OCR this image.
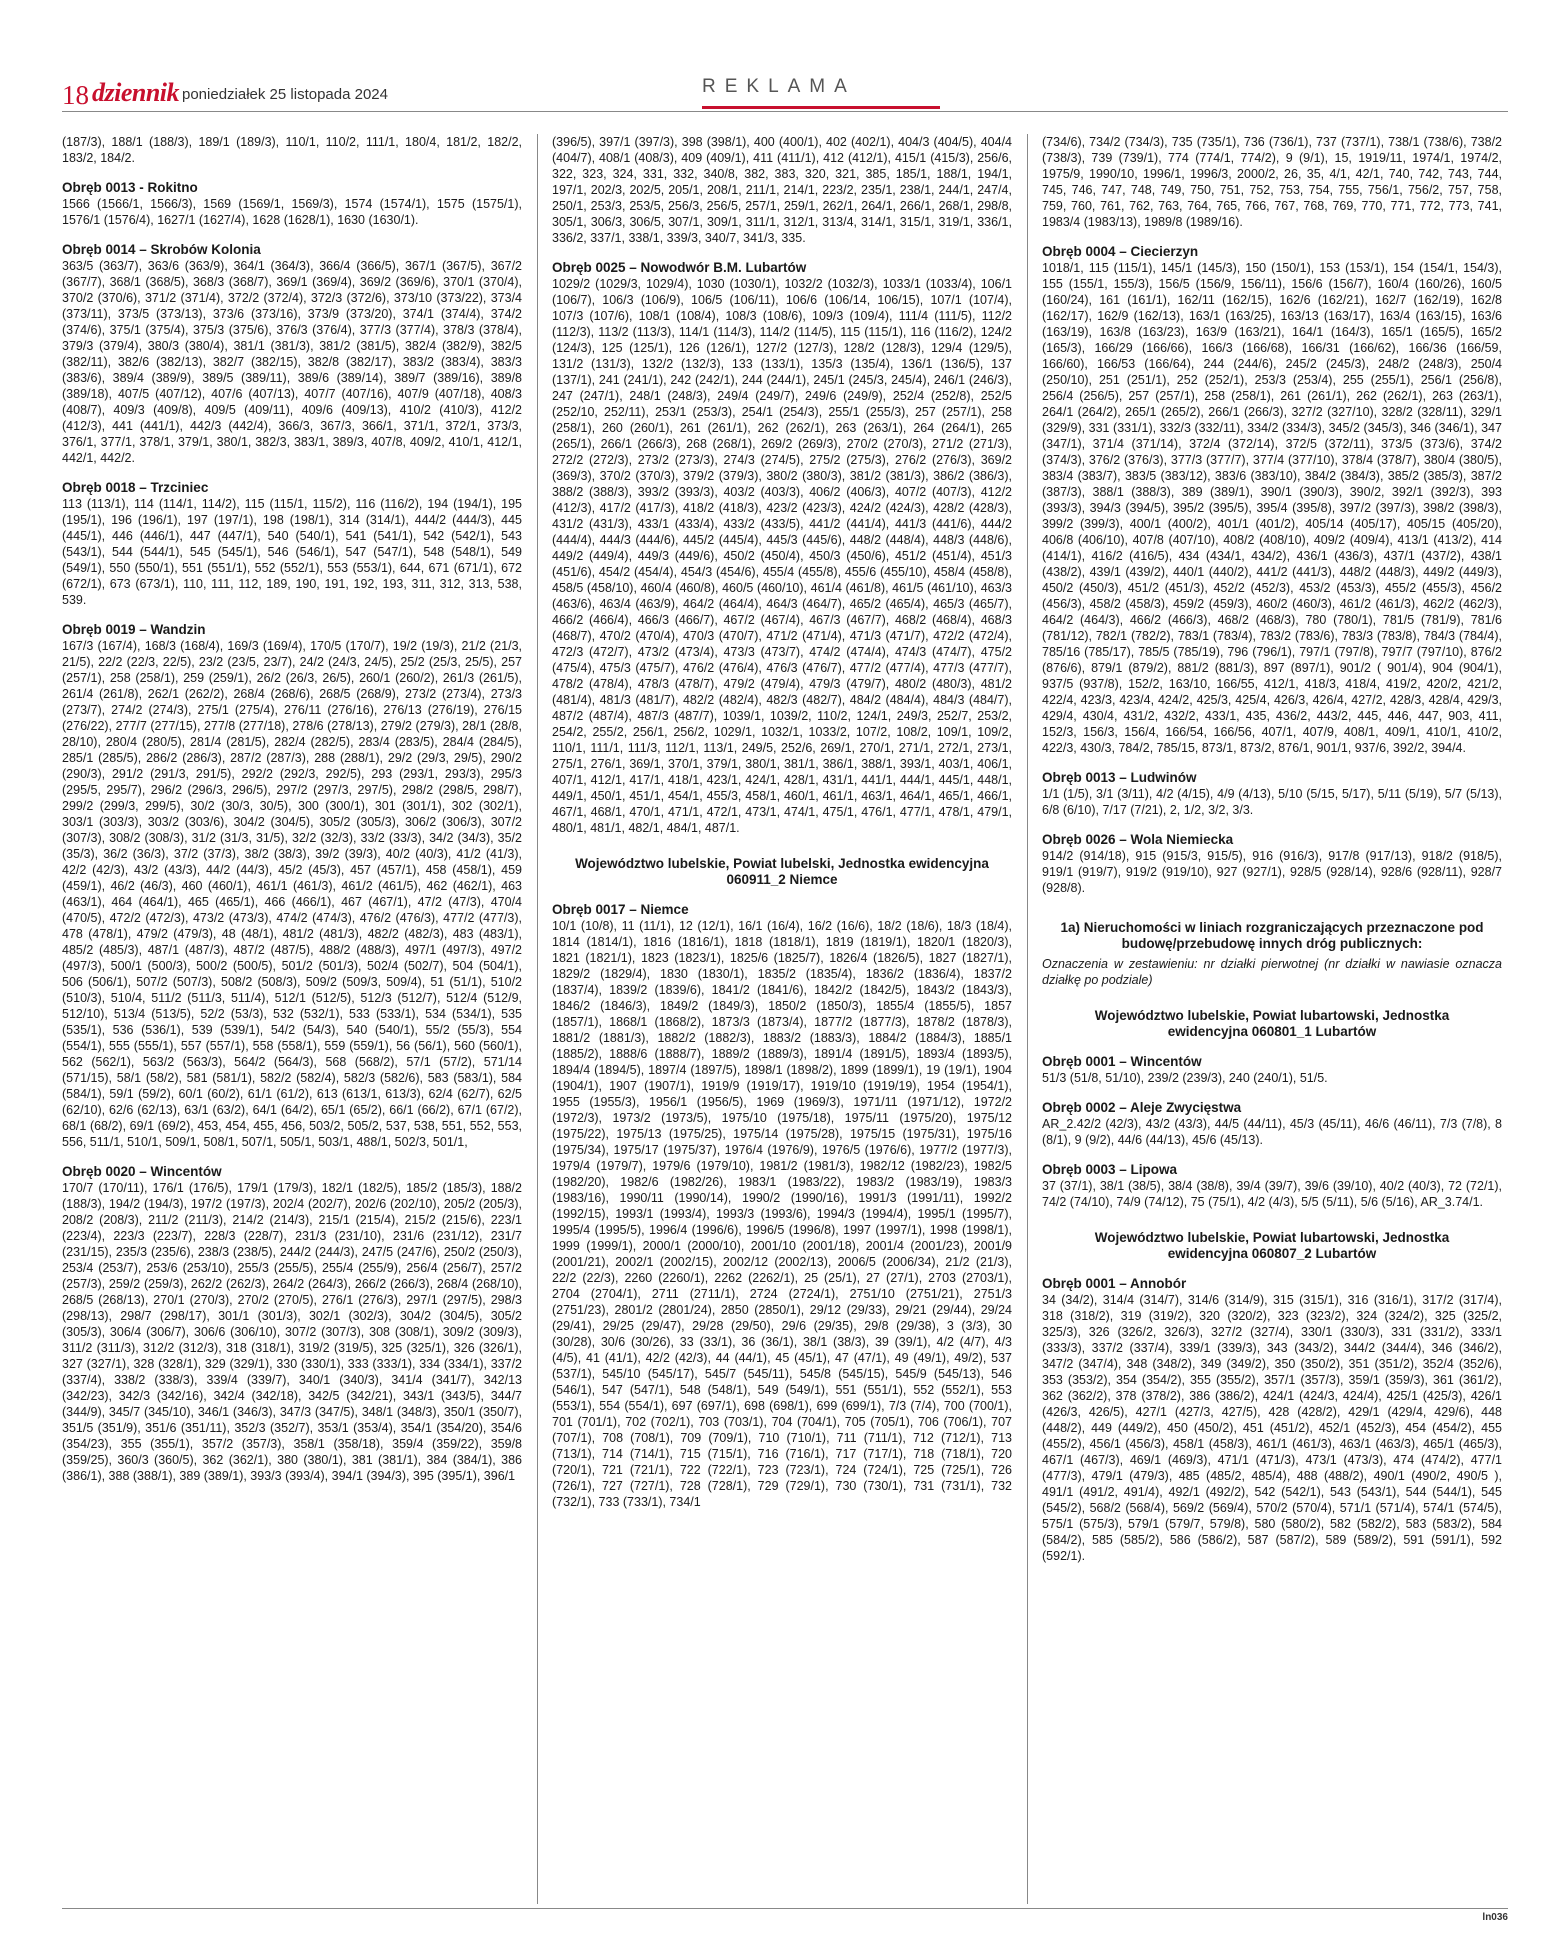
18 dziennik poniedziałek 25 listopada 2024	REKLAMA
(187/3), 188/1 (188/3), 189/1 (189/3), 110/1, 110/2, 111/1, 180/4, 181/2, 182/2, 183/2, 184/2.
Obręb 0013 - Rokitno
1566 (1566/1, 1566/3), 1569 (1569/1, 1569/3), 1574 (1574/1), 1575 (1575/1), 1576/1 (1576/4), 1627/1 (1627/4), 1628 (1628/1), 1630 (1630/1).
Obręb 0014 – Skrobów Kolonia
363/5 (363/7), 363/6 (363/9), 364/1 (364/3), 366/4 (366/5), 367/1 (367/5), 367/2 (367/7), 368/1 (368/5), 368/3 (368/7), 369/1 (369/4), 369/2 (369/6), 370/1 (370/4), 370/2 (370/6), 371/2 (371/4), 372/2 (372/4), 372/3 (372/6), 373/10 (373/22), 373/4 (373/11), 373/5 (373/13), 373/6 (373/16), 373/9 (373/20), 374/1 (374/4), 374/2 (374/6), 375/1 (375/4), 375/3 (375/6), 376/3 (376/4), 377/3 (377/4), 378/3 (378/4), 379/3 (379/4), 380/3 (380/4), 381/1 (381/3), 381/2 (381/5), 382/4 (382/9), 382/5 (382/11), 382/6 (382/13), 382/7 (382/15), 382/8 (382/17), 383/2 (383/4), 383/3 (383/6), 389/4 (389/9), 389/5 (389/11), 389/6 (389/14), 389/7 (389/16), 389/8 (389/18), 407/5 (407/12), 407/6 (407/13), 407/7 (407/16), 407/9 (407/18), 408/3 (408/7), 409/3 (409/8), 409/5 (409/11), 409/6 (409/13), 410/2 (410/3), 412/2 (412/3), 441 (441/1), 442/3 (442/4), 366/3, 367/3, 366/1, 371/1, 372/1, 373/3, 376/1, 377/1, 378/1, 379/1, 380/1, 382/3, 383/1, 389/3, 407/8, 409/2, 410/1, 412/1, 442/1, 442/2.
Obręb 0018 – Trzciniec
113 (113/1), 114 (114/1, 114/2), 115 (115/1, 115/2), 116 (116/2), 194 (194/1), 195 (195/1), 196 (196/1), 197 (197/1), 198 (198/1), 314 (314/1), 444/2 (444/3), 445 (445/1), 446 (446/1), 447 (447/1), 540 (540/1), 541 (541/1), 542 (542/1), 543 (543/1), 544 (544/1), 545 (545/1), 546 (546/1), 547 (547/1), 548 (548/1), 549 (549/1), 550 (550/1), 551 (551/1), 552 (552/1), 553 (553/1), 644, 671 (671/1), 672 (672/1), 673 (673/1), 110, 111, 112, 189, 190, 191, 192, 193, 311, 312, 313, 538, 539.
Obręb 0019 – Wandzin
167/3 (167/4), 168/3 (168/4), 169/3 (169/4), 170/5 (170/7), 19/2 (19/3), 21/2 (21/3, 21/5), 22/2 (22/3, 22/5), 23/2 (23/5, 23/7), 24/2 (24/3, 24/5), 25/2 (25/3, 25/5), 257 (257/1), 258 (258/1), 259 (259/1), 26/2 (26/3, 26/5), 260/1 (260/2), 261/3 (261/5), 261/4 (261/8), 262/1 (262/2), 268/4 (268/6), 268/5 (268/9), 273/2 (273/4), 273/3 (273/7), 274/2 (274/3), 275/1 (275/4), 276/11 (276/16), 276/13 (276/19), 276/15 (276/22), 277/7 (277/15), 277/8 (277/18), 278/6 (278/13), 279/2 (279/3), 28/1 (28/8, 28/10), 280/4 (280/5), 281/4 (281/5), 282/4 (282/5), 283/4 (283/5), 284/4 (284/5), 285/1 (285/5), 286/2 (286/3), 287/2 (287/3), 288 (288/1), 29/2 (29/3, 29/5), 290/2 (290/3), 291/2 (291/3, 291/5), 292/2 (292/3, 292/5), 293 (293/1, 293/3), 295/3 (295/5, 295/7), 296/2 (296/3, 296/5), 297/2 (297/3, 297/5), 298/2 (298/5, 298/7), 299/2 (299/3, 299/5), 30/2 (30/3, 30/5), 300 (300/1), 301 (301/1), 302 (302/1), 303/1 (303/3), 303/2 (303/6), 304/2 (304/5), 305/2 (305/3), 306/2 (306/3), 307/2 (307/3), 308/2 (308/3), 31/2 (31/3, 31/5), 32/2 (32/3), 33/2 (33/3), 34/2 (34/3), 35/2 (35/3), 36/2 (36/3), 37/2 (37/3), 38/2 (38/3), 39/2 (39/3), 40/2 (40/3), 41/2 (41/3), 42/2 (42/3), 43/2 (43/3), 44/2 (44/3), 45/2 (45/3), 457 (457/1), 458 (458/1), 459 (459/1), 46/2 (46/3), 460 (460/1), 461/1 (461/3), 461/2 (461/5), 462 (462/1), 463 (463/1), 464 (464/1), 465 (465/1), 466 (466/1), 467 (467/1), 47/2 (47/3), 470/4 (470/5), 472/2 (472/3), 473/2 (473/3), 474/2 (474/3), 476/2 (476/3), 477/2 (477/3), 478 (478/1), 479/2 (479/3), 48 (48/1), 481/2 (481/3), 482/2 (482/3), 483 (483/1), 485/2 (485/3), 487/1 (487/3), 487/2 (487/5), 488/2 (488/3), 497/1 (497/3), 497/2 (497/3), 500/1 (500/3), 500/2 (500/5), 501/2 (501/3), 502/4 (502/7), 504 (504/1), 506 (506/1), 507/2 (507/3), 508/2 (508/3), 509/2 (509/3, 509/4), 51 (51/1), 510/2 (510/3), 510/4, 511/2 (511/3, 511/4), 512/1 (512/5), 512/3 (512/7), 512/4 (512/9, 512/10), 513/4 (513/5), 52/2 (53/3), 532 (532/1), 533 (533/1), 534 (534/1), 535 (535/1), 536 (536/1), 539 (539/1), 54/2 (54/3), 540 (540/1), 55/2 (55/3), 554 (554/1), 555 (555/1), 557 (557/1), 558 (558/1), 559 (559/1), 56 (56/1), 560 (560/1), 562 (562/1), 563/2 (563/3), 564/2 (564/3), 568 (568/2), 57/1 (57/2), 571/14 (571/15), 58/1 (58/2), 581 (581/1), 582/2 (582/4), 582/3 (582/6), 583 (583/1), 584 (584/1), 59/1 (59/2), 60/1 (60/2), 61/1 (61/2), 613 (613/1, 613/3), 62/4 (62/7), 62/5 (62/10), 62/6 (62/13), 63/1 (63/2), 64/1 (64/2), 65/1 (65/2), 66/1 (66/2), 67/1 (67/2), 68/1 (68/2), 69/1 (69/2), 453, 454, 455, 456, 503/2, 505/2, 537, 538, 551, 552, 553, 556, 511/1, 510/1, 509/1, 508/1, 507/1, 505/1, 503/1, 488/1, 502/3, 501/1,
Obręb 0020 – Wincentów
170/7 (170/11), 176/1 (176/5), 179/1 (179/3), 182/1 (182/5), 185/2 (185/3), 188/2 (188/3), 194/2 (194/3), 197/2 (197/3), 202/4 (202/7), 202/6 (202/10), 205/2 (205/3), 208/2 (208/3), 211/2 (211/3), 214/2 (214/3), 215/1 (215/4), 215/2 (215/6), 223/1 (223/4), 223/3 (223/7), 228/3 (228/7), 231/3 (231/10), 231/6 (231/12), 231/7 (231/15), 235/3 (235/6), 238/3 (238/5), 244/2 (244/3), 247/5 (247/6), 250/2 (250/3), 253/4 (253/7), 253/6 (253/10), 255/3 (255/5), 255/4 (255/9), 256/4 (256/7), 257/2 (257/3), 259/2 (259/3), 262/2 (262/3), 264/2 (264/3), 266/2 (266/3), 268/4 (268/10), 268/5 (268/13), 270/1 (270/3), 270/2 (270/5), 276/1 (276/3), 297/1 (297/5), 298/3 (298/13), 298/7 (298/17), 301/1 (301/3), 302/1 (302/3), 304/2 (304/5), 305/2 (305/3), 306/4 (306/7), 306/6 (306/10), 307/2 (307/3), 308 (308/1), 309/2 (309/3), 311/2 (311/3), 312/2 (312/3), 318 (318/1), 319/2 (319/5), 325 (325/1), 326 (326/1), 327 (327/1), 328 (328/1), 329 (329/1), 330 (330/1), 333 (333/1), 334 (334/1), 337/2 (337/4), 338/2 (338/3), 339/4 (339/7), 340/1 (340/3), 341/4 (341/7), 342/13 (342/23), 342/3 (342/16), 342/4 (342/18), 342/5 (342/21), 343/1 (343/5), 344/7 (344/9), 345/7 (345/10), 346/1 (346/3), 347/3 (347/5), 348/1 (348/3), 350/1 (350/7), 351/5 (351/9), 351/6 (351/11), 352/3 (352/7), 353/1 (353/4), 354/1 (354/20), 354/6 (354/23), 355 (355/1), 357/2 (357/3), 358/1 (358/18), 359/4 (359/22), 359/8 (359/25), 360/3 (360/5), 362 (362/1), 380 (380/1), 381 (381/1), 384 (384/1), 386 (386/1), 388 (388/1), 389 (389/1), 393/3 (393/4), 394/1 (394/3), 395 (395/1), 396/1
(396/5), 397/1 (397/3), 398 (398/1), 400 (400/1), 402 (402/1), 404/3 (404/5), 404/4 (404/7), 408/1 (408/3), 409 (409/1), 411 (411/1), 412 (412/1), 415/1 (415/3), 256/6, 322, 323, 324, 331, 332, 340/8, 382, 383, 320, 321, 385, 185/1, 188/1, 194/1, 197/1, 202/3, 202/5, 205/1, 208/1, 211/1, 214/1, 223/2, 235/1, 238/1, 244/1, 247/4, 250/1, 253/3, 253/5, 256/3, 256/5, 257/1, 259/1, 262/1, 264/1, 266/1, 268/1, 298/8, 305/1, 306/3, 306/5, 307/1, 309/1, 311/1, 312/1, 313/4, 314/1, 315/1, 319/1, 336/1, 336/2, 337/1, 338/1, 339/3, 340/7, 341/3, 335.
Obręb 0025 – Nowodwór B.M. Lubartów
1029/2 (1029/3, 1029/4), 1030 (1030/1), 1032/2 (1032/3), 1033/1 (1033/4), 106/1 (106/7), 106/3 (106/9), 106/5 (106/11), 106/6 (106/14, 106/15), 107/1 (107/4), 107/3 (107/6), 108/1 (108/4), 108/3 (108/6), 109/3 (109/4), 111/4 (111/5), 112/2 (112/3), 113/2 (113/3), 114/1 (114/3), 114/2 (114/5), 115 (115/1), 116 (116/2), 124/2 (124/3), 125 (125/1), 126 (126/1), 127/2 (127/3), 128/2 (128/3), 129/4 (129/5), 131/2 (131/3), 132/2 (132/3), 133 (133/1), 135/3 (135/4), 136/1 (136/5), 137 (137/1), 241 (241/1), 242 (242/1), 244 (244/1), 245/1 (245/3, 245/4), 246/1 (246/3), 247 (247/1), 248/1 (248/3), 249/4 (249/7), 249/6 (249/9), 252/4 (252/8), 252/5 (252/10, 252/11), 253/1 (253/3), 254/1 (254/3), 255/1 (255/3), 257 (257/1), 258 (258/1), 260 (260/1), 261 (261/1), 262 (262/1), 263 (263/1), 264 (264/1), 265 (265/1), 266/1 (266/3), 268 (268/1), 269/2 (269/3), 270/2 (270/3), 271/2 (271/3), 272/2 (272/3), 273/2 (273/3), 274/3 (274/5), 275/2 (275/3), 276/2 (276/3), 369/2 (369/3), 370/2 (370/3), 379/2 (379/3), 380/2 (380/3), 381/2 (381/3), 386/2 (386/3), 388/2 (388/3), 393/2 (393/3), 403/2 (403/3), 406/2 (406/3), 407/2 (407/3), 412/2 (412/3), 417/2 (417/3), 418/2 (418/3), 423/2 (423/3), 424/2 (424/3), 428/2 (428/3), 431/2 (431/3), 433/1 (433/4), 433/2 (433/5), 441/2 (441/4), 441/3 (441/6), 444/2 (444/4), 444/3 (444/6), 445/2 (445/4), 445/3 (445/6), 448/2 (448/4), 448/3 (448/6), 449/2 (449/4), 449/3 (449/6), 450/2 (450/4), 450/3 (450/6), 451/2 (451/4), 451/3 (451/6), 454/2 (454/4), 454/3 (454/6), 455/4 (455/8), 455/6 (455/10), 458/4 (458/8), 458/5 (458/10), 460/4 (460/8), 460/5 (460/10), 461/4 (461/8), 461/5 (461/10), 463/3 (463/6), 463/4 (463/9), 464/2 (464/4), 464/3 (464/7), 465/2 (465/4), 465/3 (465/7), 466/2 (466/4), 466/3 (466/7), 467/2 (467/4), 467/3 (467/7), 468/2 (468/4), 468/3 (468/7), 470/2 (470/4), 470/3 (470/7), 471/2 (471/4), 471/3 (471/7), 472/2 (472/4), 472/3 (472/7), 473/2 (473/4), 473/3 (473/7), 474/2 (474/4), 474/3 (474/7), 475/2 (475/4), 475/3 (475/7), 476/2 (476/4), 476/3 (476/7), 477/2 (477/4), 477/3 (477/7), 478/2 (478/4), 478/3 (478/7), 479/2 (479/4), 479/3 (479/7), 480/2 (480/3), 481/2 (481/4), 481/3 (481/7), 482/2 (482/4), 482/3 (482/7), 484/2 (484/4), 484/3 (484/7), 487/2 (487/4), 487/3 (487/7), 1039/1, 1039/2, 110/2, 124/1, 249/3, 252/7, 253/2, 254/2, 255/2, 256/1, 256/2, 1029/1, 1032/1, 1033/2, 107/2, 108/2, 109/1, 109/2, 110/1, 111/1, 111/3, 112/1, 113/1, 249/5, 252/6, 269/1, 270/1, 271/1, 272/1, 273/1, 275/1, 276/1, 369/1, 370/1, 379/1, 380/1, 381/1, 386/1, 388/1, 393/1, 403/1, 406/1, 407/1, 412/1, 417/1, 418/1, 423/1, 424/1, 428/1, 431/1, 441/1, 444/1, 445/1, 448/1, 449/1, 450/1, 451/1, 454/1, 455/3, 458/1, 460/1, 461/1, 463/1, 464/1, 465/1, 466/1, 467/1, 468/1, 470/1, 471/1, 472/1, 473/1, 474/1, 475/1, 476/1, 477/1, 478/1, 479/1, 480/1, 481/1, 482/1, 484/1, 487/1.
Województwo lubelskie, Powiat lubelski, Jednostka ewidencyjna 060911_2 Niemce
Obręb 0017 – Niemce
10/1 (10/8), 11 (11/1), 12 (12/1), 16/1 (16/4), 16/2 (16/6), 18/2 (18/6), 18/3 (18/4), 1814 (1814/1), 1816 (1816/1), 1818 (1818/1), 1819 (1819/1), 1820/1 (1820/3), 1821 (1821/1), 1823 (1823/1), 1825/6 (1825/7), 1826/4 (1826/5), 1827 (1827/1), 1829/2 (1829/4), 1830 (1830/1), 1835/2 (1835/4), 1836/2 (1836/4), 1837/2 (1837/4), 1839/2 (1839/6), 1841/2 (1841/6), 1842/2 (1842/5), 1843/2 (1843/3), 1846/2 (1846/3), 1849/2 (1849/3), 1850/2 (1850/3), 1855/4 (1855/5), 1857 (1857/1), 1868/1 (1868/2), 1873/3 (1873/4), 1877/2 (1877/3), 1878/2 (1878/3), 1881/2 (1881/3), 1882/2 (1882/3), 1883/2 (1883/3), 1884/2 (1884/3), 1885/1 (1885/2), 1888/6 (1888/7), 1889/2 (1889/3), 1891/4 (1891/5), 1893/4 (1893/5), 1894/4 (1894/5), 1897/4 (1897/5), 1898/1 (1898/2), 1899 (1899/1), 19 (19/1), 1904 (1904/1), 1907 (1907/1), 1919/9 (1919/17), 1919/10 (1919/19), 1954 (1954/1), 1955 (1955/3), 1956/1 (1956/5), 1969 (1969/3), 1971/11 (1971/12), 1972/2 (1972/3), 1973/2 (1973/5), 1975/10 (1975/18), 1975/11 (1975/20), 1975/12 (1975/22), 1975/13 (1975/25), 1975/14 (1975/28), 1975/15 (1975/31), 1975/16 (1975/34), 1975/17 (1975/37), 1976/4 (1976/9), 1976/5 (1976/6), 1977/2 (1977/3), 1979/4 (1979/7), 1979/6 (1979/10), 1981/2 (1981/3), 1982/12 (1982/23), 1982/5 (1982/20), 1982/6 (1982/26), 1983/1 (1983/22), 1983/2 (1983/19), 1983/3 (1983/16), 1990/11 (1990/14), 1990/2 (1990/16), 1991/3 (1991/11), 1992/2 (1992/15), 1993/1 (1993/4), 1993/3 (1993/6), 1994/3 (1994/4), 1995/1 (1995/7), 1995/4 (1995/5), 1996/4 (1996/6), 1996/5 (1996/8), 1997 (1997/1), 1998 (1998/1), 1999 (1999/1), 2000/1 (2000/10), 2001/10 (2001/18), 2001/4 (2001/23), 2001/9 (2001/21), 2002/1 (2002/15), 2002/12 (2002/13), 2006/5 (2006/34), 21/2 (21/3), 22/2 (22/3), 2260 (2260/1), 2262 (2262/1), 25 (25/1), 27 (27/1), 2703 (2703/1), 2704 (2704/1), 2711 (2711/1), 2724 (2724/1), 2751/10 (2751/21), 2751/3 (2751/23), 2801/2 (2801/24), 2850 (2850/1), 29/12 (29/33), 29/21 (29/44), 29/24 (29/41), 29/25 (29/47), 29/28 (29/50), 29/6 (29/35), 29/8 (29/38), 3 (3/3), 30 (30/28), 30/6 (30/26), 33 (33/1), 36 (36/1), 38/1 (38/3), 39 (39/1), 4/2 (4/7), 4/3 (4/5), 41 (41/1), 42/2 (42/3), 44 (44/1), 45 (45/1), 47 (47/1), 49 (49/1), 49/2), 537 (537/1), 545/10 (545/17), 545/7 (545/11), 545/8 (545/15), 545/9 (545/13), 546 (546/1), 547 (547/1), 548 (548/1), 549 (549/1), 551 (551/1), 552 (552/1), 553 (553/1), 554 (554/1), 697 (697/1), 698 (698/1), 699 (699/1), 7/3 (7/4), 700 (700/1), 701 (701/1), 702 (702/1), 703 (703/1), 704 (704/1), 705 (705/1), 706 (706/1), 707 (707/1), 708 (708/1), 709 (709/1), 710 (710/1), 711 (711/1), 712 (712/1), 713 (713/1), 714 (714/1), 715 (715/1), 716 (716/1), 717 (717/1), 718 (718/1), 720 (720/1), 721 (721/1), 722 (722/1), 723 (723/1), 724 (724/1), 725 (725/1), 726 (726/1), 727 (727/1), 728 (728/1), 729 (729/1), 730 (730/1), 731 (731/1), 732 (732/1), 733 (733/1), 734/1
(734/6), 734/2 (734/3), 735 (735/1), 736 (736/1), 737 (737/1), 738/1 (738/6), 738/2 (738/3), 739 (739/1), 774 (774/1, 774/2), 9 (9/1), 15, 1919/11, 1974/1, 1974/2, 1975/9, 1990/10, 1996/1, 1996/3, 2000/2, 26, 35, 4/1, 42/1, 740, 742, 743, 744, 745, 746, 747, 748, 749, 750, 751, 752, 753, 754, 755, 756/1, 756/2, 757, 758, 759, 760, 761, 762, 763, 764, 765, 766, 767, 768, 769, 770, 771, 772, 773, 741, 1983/4 (1983/13), 1989/8 (1989/16).
Obręb 0004 – Ciecierzyn
1018/1, 115 (115/1), 145/1 (145/3), 150 (150/1), 153 (153/1), 154 (154/1, 154/3), 155 (155/1, 155/3), 156/5 (156/9, 156/11), 156/6 (156/7), 160/4 (160/26), 160/5 (160/24), 161 (161/1), 162/11 (162/15), 162/6 (162/21), 162/7 (162/19), 162/8 (162/17), 162/9 (162/13), 163/1 (163/25), 163/13 (163/17), 163/4 (163/15), 163/6 (163/19), 163/8 (163/23), 163/9 (163/21), 164/1 (164/3), 165/1 (165/5), 165/2 (165/3), 166/29 (166/66), 166/3 (166/68), 166/31 (166/62), 166/36 (166/59, 166/60), 166/53 (166/64), 244 (244/6), 245/2 (245/3), 248/2 (248/3), 250/4 (250/10), 251 (251/1), 252 (252/1), 253/3 (253/4), 255 (255/1), 256/1 (256/8), 256/4 (256/5), 257 (257/1), 258 (258/1), 261 (261/1), 262 (262/1), 263 (263/1), 264/1 (264/2), 265/1 (265/2), 266/1 (266/3), 327/2 (327/10), 328/2 (328/11), 329/1 (329/9), 331 (331/1), 332/3 (332/11), 334/2 (334/3), 345/2 (345/3), 346 (346/1), 347 (347/1), 371/4 (371/14), 372/4 (372/14), 372/5 (372/11), 373/5 (373/6), 374/2 (374/3), 376/2 (376/3), 377/3 (377/7), 377/4 (377/10), 378/4 (378/7), 380/4 (380/5), 383/4 (383/7), 383/5 (383/12), 383/6 (383/10), 384/2 (384/3), 385/2 (385/3), 387/2 (387/3), 388/1 (388/3), 389 (389/1), 390/1 (390/3), 390/2, 392/1 (392/3), 393 (393/3), 394/3 (394/5), 395/2 (395/5), 395/4 (395/8), 397/2 (397/3), 398/2 (398/3), 399/2 (399/3), 400/1 (400/2), 401/1 (401/2), 405/14 (405/17), 405/15 (405/20), 406/8 (406/10), 407/8 (407/10), 408/2 (408/10), 409/2 (409/4), 413/1 (413/2), 414 (414/1), 416/2 (416/5), 434 (434/1, 434/2), 436/1 (436/3), 437/1 (437/2), 438/1 (438/2), 439/1 (439/2), 440/1 (440/2), 441/2 (441/3), 448/2 (448/3), 449/2 (449/3), 450/2 (450/3), 451/2 (451/3), 452/2 (452/3), 453/2 (453/3), 455/2 (455/3), 456/2 (456/3), 458/2 (458/3), 459/2 (459/3), 460/2 (460/3), 461/2 (461/3), 462/2 (462/3), 464/2 (464/3), 466/2 (466/3), 468/2 (468/3), 780 (780/1), 781/5 (781/9), 781/6 (781/12), 782/1 (782/2), 783/1 (783/4), 783/2 (783/6), 783/3 (783/8), 784/3 (784/4), 785/16 (785/17), 785/5 (785/19), 796 (796/1), 797/1 (797/8), 797/7 (797/10), 876/2 (876/6), 879/1 (879/2), 881/2 (881/3), 897 (897/1), 901/2 ( 901/4), 904 (904/1), 937/5 (937/8), 152/2, 163/10, 166/55, 412/1, 418/3, 418/4, 419/2, 420/2, 421/2, 422/4, 423/3, 423/4, 424/2, 425/3, 425/4, 426/3, 426/4, 427/2, 428/3, 428/4, 429/3, 429/4, 430/4, 431/2, 432/2, 433/1, 435, 436/2, 443/2, 445, 446, 447, 903, 411, 152/3, 156/3, 156/4, 166/54, 166/56, 407/1, 407/9, 408/1, 409/1, 410/1, 410/2, 422/3, 430/3, 784/2, 785/15, 873/1, 873/2, 876/1, 901/1, 937/6, 392/2, 394/4.
Obręb 0013 – Ludwinów
1/1 (1/5), 3/1 (3/11), 4/2 (4/15), 4/9 (4/13), 5/10 (5/15, 5/17), 5/11 (5/19), 5/7 (5/13), 6/8 (6/10), 7/17 (7/21), 2, 1/2, 3/2, 3/3.
Obręb 0026 – Wola Niemiecka
914/2 (914/18), 915 (915/3, 915/5), 916 (916/3), 917/8 (917/13), 918/2 (918/5), 919/1 (919/7), 919/2 (919/10), 927 (927/1), 928/5 (928/14), 928/6 (928/11), 928/7 (928/8).
1a) Nieruchomości w liniach rozgraniczających przeznaczone pod budowę/przebudowę innych dróg publicznych:
Oznaczenia w zestawieniu: nr działki pierwotnej (nr działki w nawiasie oznacza działkę po podziale)
Województwo lubelskie, Powiat lubartowski, Jednostka ewidencyjna 060801_1 Lubartów
Obręb 0001 – Wincentów
51/3 (51/8, 51/10), 239/2 (239/3), 240 (240/1), 51/5.
Obręb 0002 – Aleje Zwycięstwa
AR_2.42/2 (42/3), 43/2 (43/3), 44/5 (44/11), 45/3 (45/11), 46/6 (46/11), 7/3 (7/8), 8 (8/1), 9 (9/2), 44/6 (44/13), 45/6 (45/13).
Obręb 0003 – Lipowa
37 (37/1), 38/1 (38/5), 38/4 (38/8), 39/4 (39/7), 39/6 (39/10), 40/2 (40/3), 72 (72/1), 74/2 (74/10), 74/9 (74/12), 75 (75/1), 4/2 (4/3), 5/5 (5/11), 5/6 (5/16), AR_3.74/1.
Województwo lubelskie, Powiat lubartowski, Jednostka ewidencyjna 060807_2 Lubartów
Obręb 0001 – Annobór
34 (34/2), 314/4 (314/7), 314/6 (314/9), 315 (315/1), 316 (316/1), 317/2 (317/4), 318 (318/2), 319 (319/2), 320 (320/2), 323 (323/2), 324 (324/2), 325 (325/2, 325/3), 326 (326/2, 326/3), 327/2 (327/4), 330/1 (330/3), 331 (331/2), 333/1 (333/3), 337/2 (337/4), 339/1 (339/3), 343 (343/2), 344/2 (344/4), 346 (346/2), 347/2 (347/4), 348 (348/2), 349 (349/2), 350 (350/2), 351 (351/2), 352/4 (352/6), 353 (353/2), 354 (354/2), 355 (355/2), 357/1 (357/3), 359/1 (359/3), 361 (361/2), 362 (362/2), 378 (378/2), 386 (386/2), 424/1 (424/3, 424/4), 425/1 (425/3), 426/1 (426/3, 426/5), 427/1 (427/3, 427/5), 428 (428/2), 429/1 (429/4, 429/6), 448 (448/2), 449 (449/2), 450 (450/2), 451 (451/2), 452/1 (452/3), 454 (454/2), 455 (455/2), 456/1 (456/3), 458/1 (458/3), 461/1 (461/3), 463/1 (463/3), 465/1 (465/3), 467/1 (467/3), 469/1 (469/3), 471/1 (471/3), 473/1 (473/3), 474 (474/2), 477/1 (477/3), 479/1 (479/3), 485 (485/2, 485/4), 488 (488/2), 490/1 (490/2, 490/5 ), 491/1 (491/2, 491/4), 492/1 (492/2), 542 (542/1), 543 (543/1), 544 (544/1), 545 (545/2), 568/2 (568/4), 569/2 (569/4), 570/2 (570/4), 571/1 (571/4), 574/1 (574/5), 575/1 (575/3), 579/1 (579/7, 579/8), 580 (580/2), 582 (582/2), 583 (583/2), 584 (584/2), 585 (585/2), 586 (586/2), 587 (587/2), 589 (589/2), 591 (591/1), 592 (592/1).
ln036
